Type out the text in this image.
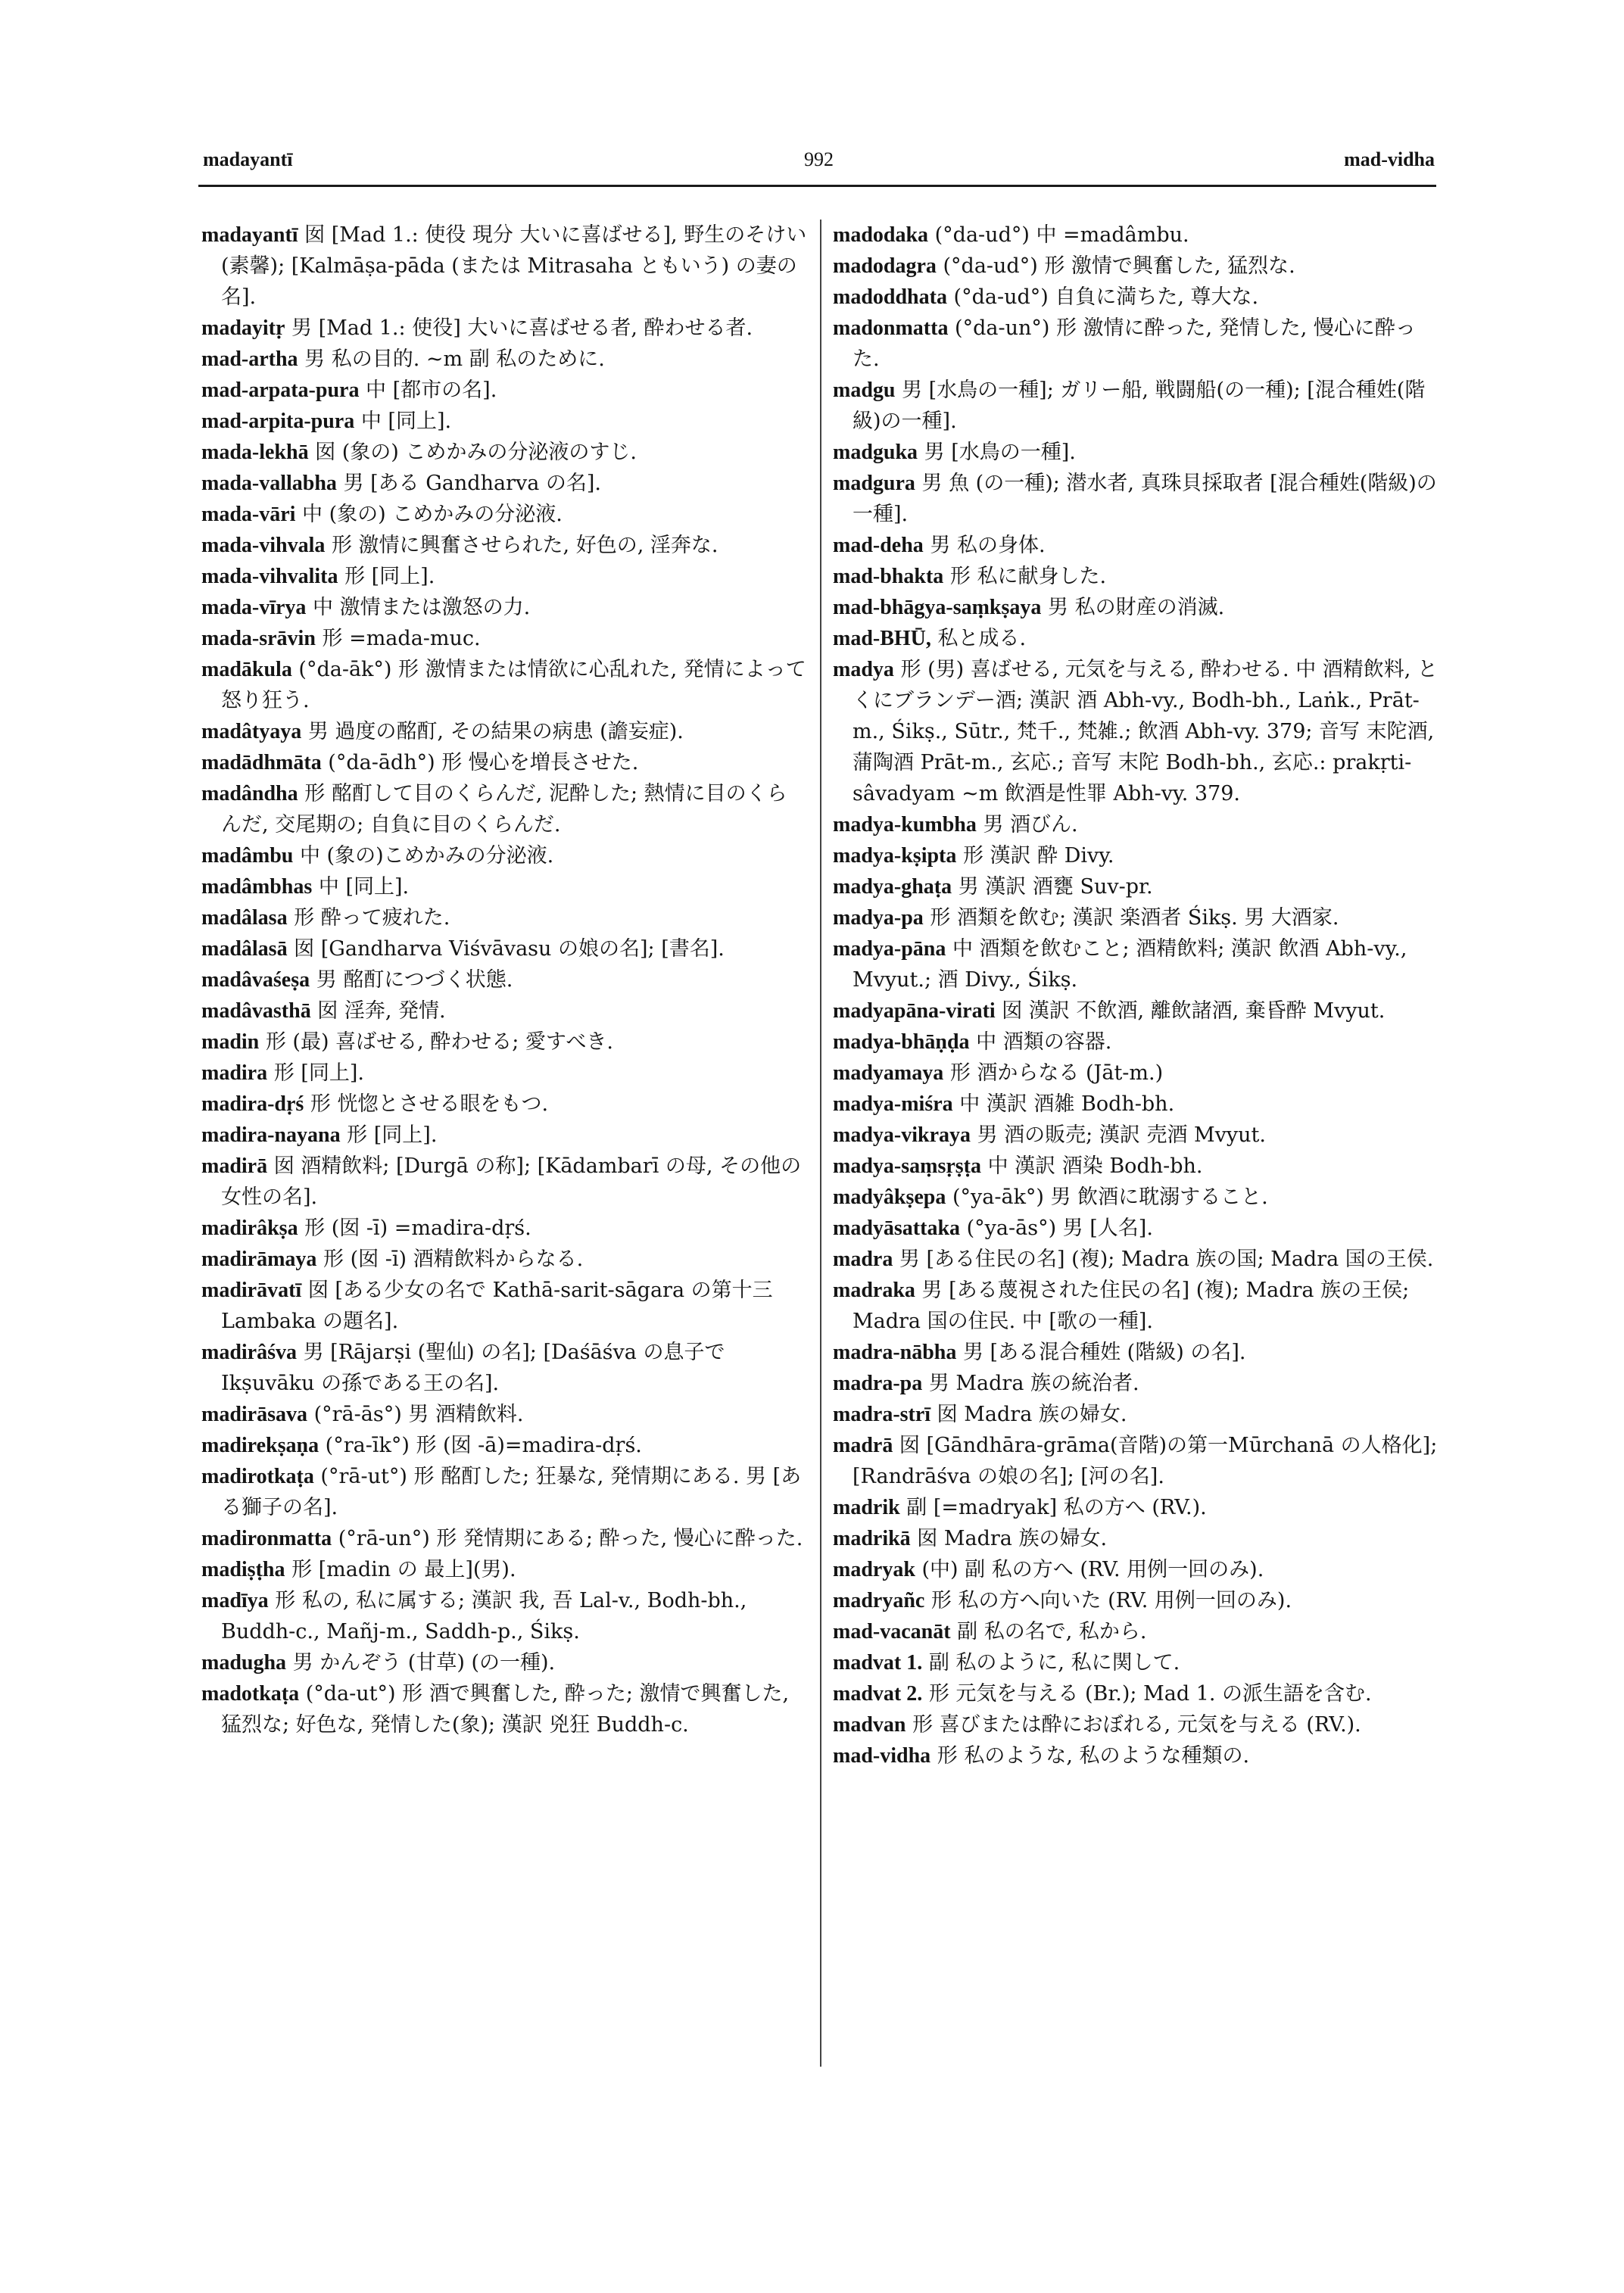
madayantī	992	mad-vidha
madayantī 囡 [Mad 1.: 使役 現分 大いに喜ばせる], 野生のそけい(素馨); [Kalmāṣa-pāda (または Mitrasaha ともいう) の妻の名].
madayitṛ 男 [Mad 1.: 使役] 大いに喜ばせる者, 酔わせる者.
mad-artha 男 私の目的. ~m 副 私のために.
mad-arpata-pura 中 [都市の名].
mad-arpita-pura 中 [同上].
mada-lekhā 囡 (象の) こめかみの分泌液のすじ.
mada-vallabha 男 [ある Gandharva の名].
mada-vāri 中 (象の) こめかみの分泌液.
mada-vihvala 形 激情に興奮させられた, 好色の, 淫奔な.
mada-vihvalita 形 [同上].
mada-vīrya 中 激情または激怒の力.
mada-srāvin 形 =mada-muc.
madākula (°da-āk°) 形 激情または情欲に心乱れた, 発情によって怒り狂う.
madâtyaya 男 過度の酩酊, その結果の病患 (譫妄症).
madādhmāta (°da-ādh°) 形 慢心を増長させた.
madândha 形 酩酊して目のくらんだ, 泥酔した; 熱情に目のくらんだ, 交尾期の; 自負に目のくらんだ.
madâmbu 中 (象の)こめかみの分泌液.
madâmbhas 中 [同上].
madâlasa 形 酔って疲れた.
madâlasā 囡 [Gandharva Viśvāvasu の娘の名]; [書名].
madâvaśeṣa 男 酩酊につづく状態.
madâvasthā 囡 淫奔, 発情.
madin 形 (最) 喜ばせる, 酔わせる; 愛すべき.
madira 形 [同上].
madira-dṛś 形 恍惚とさせる眼をもつ.
madira-nayana 形 [同上].
madirā 囡 酒精飲料; [Durgā の称]; [Kādambarī の母, その他の女性の名].
madirâkṣa 形 (囡 -ī) =madira-dṛś.
madirāmaya 形 (囡 -ī) 酒精飲料からなる.
madirāvatī 囡 [ある少女の名で Kathā-sarit-sāgara の第十三 Lambaka の題名].
madirâśva 男 [Rājarṣi (聖仙) の名]; [Daśāśva の息子で Ikṣuvāku の孫である王の名].
madirāsava (°rā-ās°) 男 酒精飲料.
madirekṣaṇa (°ra-īk°) 形 (囡 -ā)=madira-dṛś.
madirotkaṭa (°rā-ut°) 形 酩酊した; 狂暴な, 発情期にある. 男 [ある獅子の名].
madironmatta (°rā-un°) 形 発情期にある; 酔った, 慢心に酔った.
madiṣṭha 形 [madin の 最上](男).
madīya 形 私の, 私に属する; 漢訳 我, 吾 Lal-v., Bodh-bh., Buddh-c., Mañj-m., Saddh-p., Śikṣ.
madugha 男 かんぞう (甘草) (の一種).
madotkaṭa (°da-ut°) 形 酒で興奮した, 酔った; 激情で興奮した, 猛烈な; 好色な, 発情した(象); 漢訳 兇狂 Buddh-c.
madodaka (°da-ud°) 中 =madâmbu.
madodagra (°da-ud°) 形 激情で興奮した, 猛烈な.
madoddhata (°da-ud°) 自負に満ちた, 尊大な.
madonmatta (°da-un°) 形 激情に酔った, 発情した, 慢心に酔った.
madgu 男 [水鳥の一種]; ガリー船, 戦闘船(の一種); [混合種姓(階級)の一種].
madguka 男 [水鳥の一種].
madgura 男 魚 (の一種); 潜水者, 真珠貝採取者 [混合種姓(階級)の一種].
mad-deha 男 私の身体.
mad-bhakta 形 私に献身した.
mad-bhāgya-saṃkṣaya 男 私の財産の消滅.
mad-BHŪ, 私と成る.
madya 形 (男) 喜ばせる, 元気を与える, 酔わせる. 中 酒精飲料, とくにブランデー酒; 漢訳 酒 Abh-vy., Bodh-bh., Laṅk., Prāt-m., Śikṣ., Sūtr., 梵千., 梵雑.; 飲酒 Abh-vy. 379; 音写 末陀酒, 蒲陶酒 Prāt-m., 玄応.; 音写 末陀 Bodh-bh., 玄応.: prakṛti-sâvadyam ~m 飲酒是性罪 Abh-vy. 379.
madya-kumbha 男 酒びん.
madya-kṣipta 形 漢訳 酔 Divy.
madya-ghaṭa 男 漢訳 酒甕 Suv-pr.
madya-pa 形 酒類を飲む; 漢訳 楽酒者 Śikṣ. 男 大酒家.
madya-pāna 中 酒類を飲むこと; 酒精飲料; 漢訳 飲酒 Abh-vy., Mvyut.; 酒 Divy., Śikṣ.
madyapāna-virati 囡 漢訳 不飲酒, 離飲諸酒, 棄昏酔 Mvyut.
madya-bhāṇḍa 中 酒類の容器.
madyamaya 形 酒からなる (Jāt-m.)
madya-miśra 中 漢訳 酒雑 Bodh-bh.
madya-vikraya 男 酒の販売; 漢訳 売酒 Mvyut.
madya-saṃsṛṣṭa 中 漢訳 酒染 Bodh-bh.
madyâkṣepa (°ya-āk°) 男 飲酒に耽溺すること.
madyāsattaka (°ya-ās°) 男 [人名].
madra 男 [ある住民の名] (複); Madra 族の国; Madra 国の王侯.
madraka 男 [ある蔑視された住民の名] (複); Madra 族の王侯; Madra 国の住民. 中 [歌の一種].
madra-nābha 男 [ある混合種姓 (階級) の名].
madra-pa 男 Madra 族の統治者.
madra-strī 囡 Madra 族の婦女.
madrā 囡 [Gāndhāra-grāma(音階)の第一Mūrchanā の人格化]; [Randrāśva の娘の名]; [河の名].
madrik 副 [=madryak] 私の方へ (RV.).
madrikā 囡 Madra 族の婦女.
madryak (中) 副 私の方へ (RV. 用例一回のみ).
madryañc 形 私の方へ向いた (RV. 用例一回のみ).
mad-vacanāt 副 私の名で, 私から.
madvat 1. 副 私のように, 私に関して.
madvat 2. 形 元気を与える (Br.); Mad 1. の派生語を含む.
madvan 形 喜びまたは酔におぼれる, 元気を与える (RV.).
mad-vidha 形 私のような, 私のような種類の.
